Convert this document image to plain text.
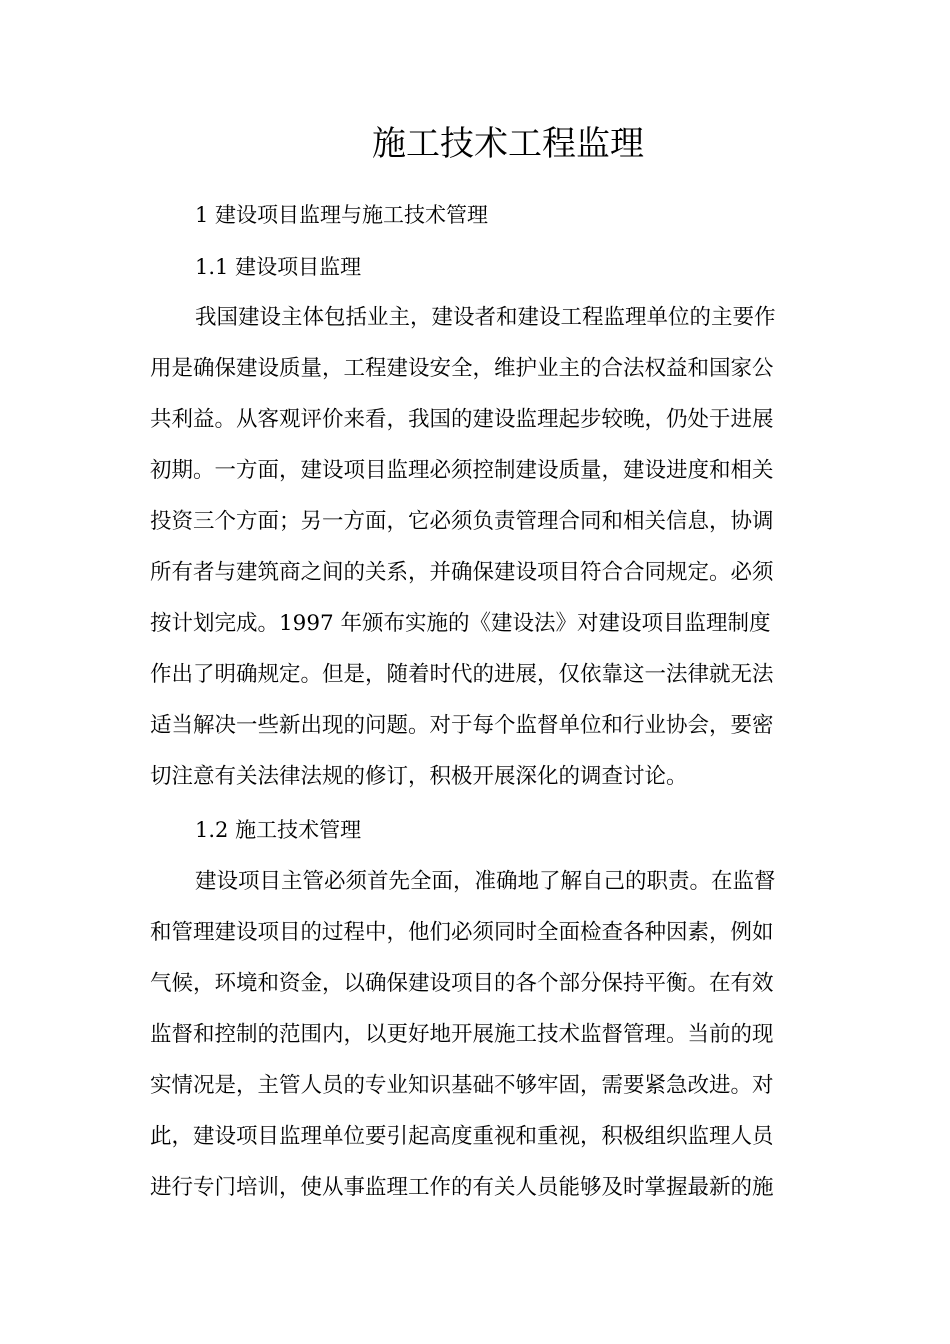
施工技术工程监理

1 建设项目监理与施工技术管理

1.1 建设项目监理

我国建设主体包括业主，建设者和建设工程监理单位的主要作

用是确保建设质量，工程建设安全，维护业主的合法权益和国家公

共利益。从客观评价来看，我国的建设监理起步较晚，仍处于进展

初期。一方面，建设项目监理必须控制建设质量，建设进度和相关

投资三个方面；另一方面，它必须负责管理合同和相关信息，协调

所有者与建筑商之间的关系，并确保建设项目符合合同规定。必须

按计划完成。1997 年颁布实施的《建设法》对建设项目监理制度

作出了明确规定。但是，随着时代的进展，仅依靠这一法律就无法

适当解决一些新出现的问题。对于每个监督单位和行业协会，要密

切注意有关法律法规的修订，积极开展深化的调查讨论。

1.2 施工技术管理

建设项目主管必须首先全面，准确地了解自己的职责。在监督

和管理建设项目的过程中，他们必须同时全面检查各种因素，例如

气候，环境和资金，以确保建设项目的各个部分保持平衡。在有效

监督和控制的范围内，以更好地开展施工技术监督管理。当前的现

实情况是，主管人员的专业知识基础不够牢固，需要紧急改进。对

此，建设项目监理单位要引起高度重视和重视，积极组织监理人员

进行专门培训，使从事监理工作的有关人员能够及时掌握最新的施
